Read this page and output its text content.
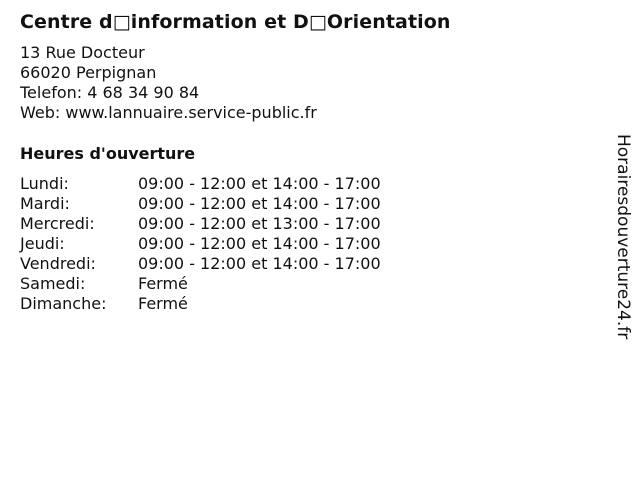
Centre d□information et D□Orientation
13 Rue Docteur
66020 Perpignan
Telefon: 4 68 34 90 84
Web: www.lannuaire.service-public.fr
Heures d'ouverture
Lundi:	09:00 - 12:00 et 14:00 - 17:00
Mardi:	09:00 - 12:00 et 14:00 - 17:00
Mercredi:	09:00 - 12:00 et 13:00 - 17:00
Jeudi:	09:00 - 12:00 et 14:00 - 17:00
Vendredi:	09:00 - 12:00 et 14:00 - 17:00
Samedi:	Fermé
Dimanche:	Fermé	Horairesdouverture24.fr
